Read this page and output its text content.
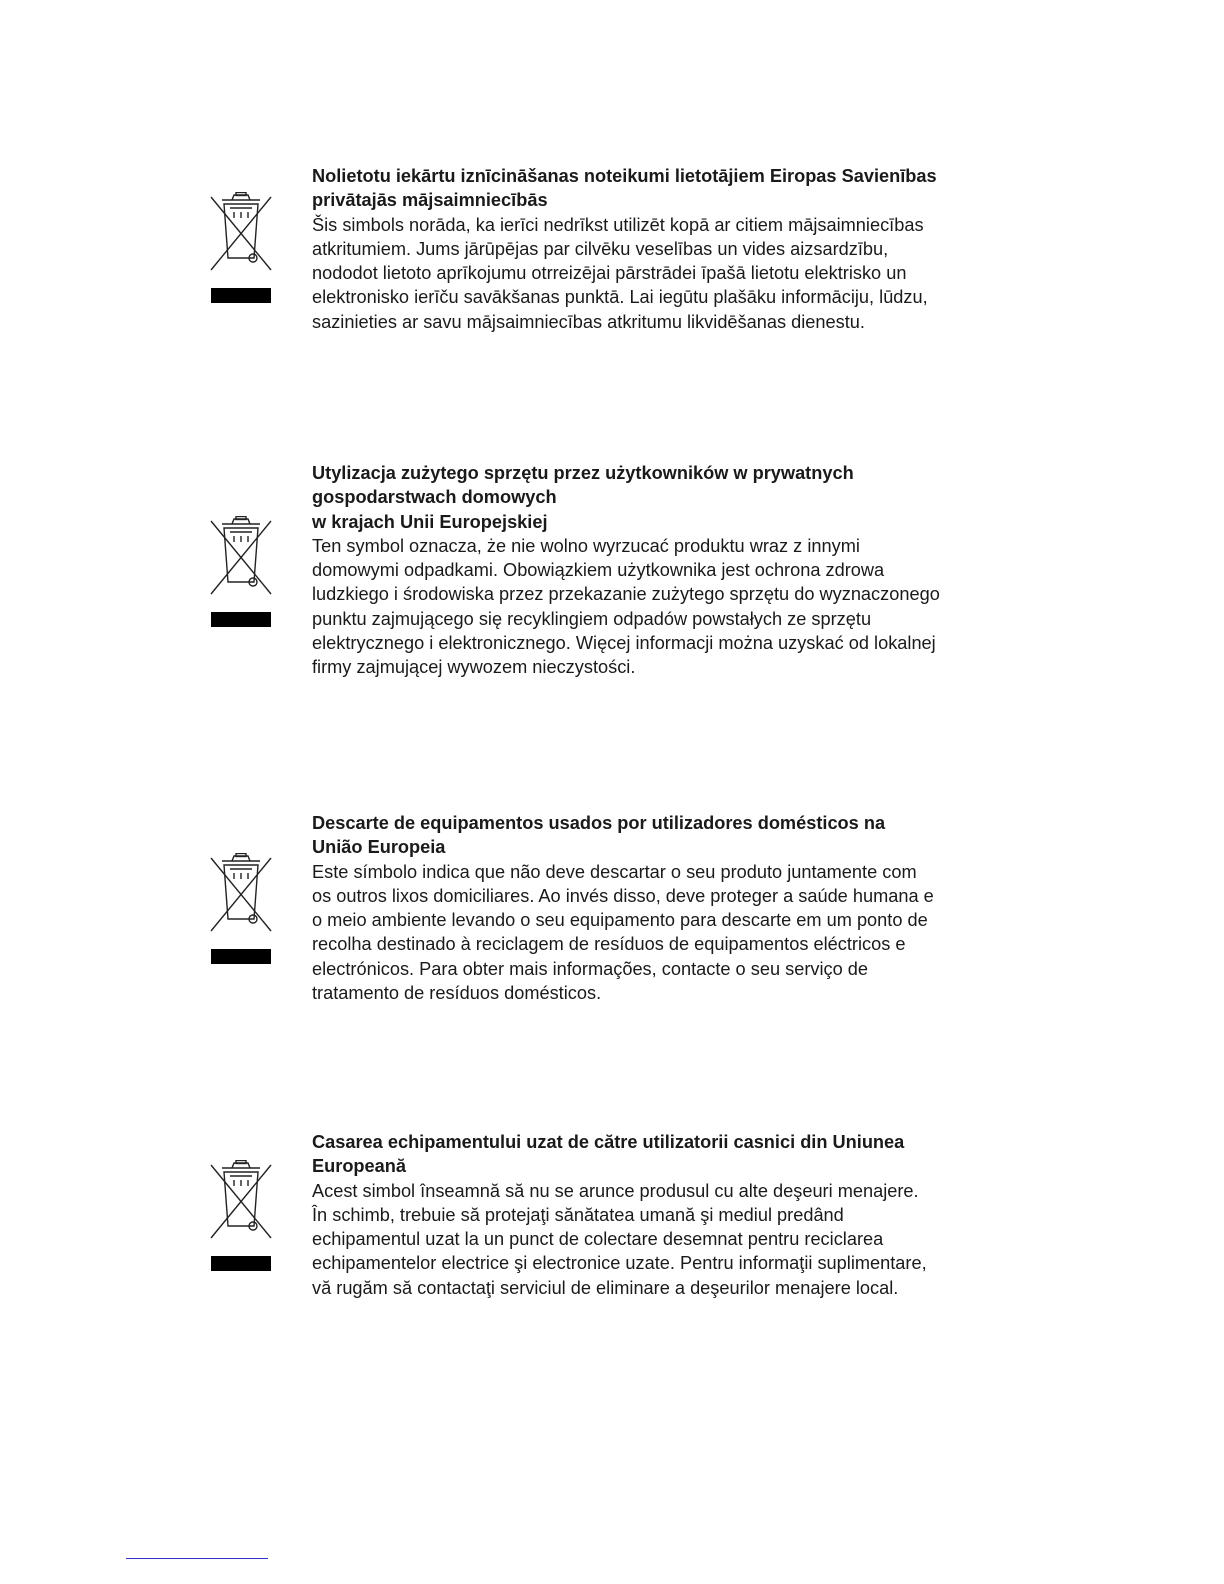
Nolietotu iekārtu iznīcināšanas noteikumi lietotājiem Eiropas Savienības
privātajās mājsaimniecībās

Šis simbols norāda, ka ierīci nedrīkst utilizēt kopā ar citiem mājsaimniecības
atkritumiem. Jums jārūpējas par cilvēku veselības un vides aizsardzību,
nododot lietoto aprīkojumu otrreizējai pārstrādei īpašā lietotu elektrisko un
elektronisko ierīču savākšanas punktā. Lai iegūtu plašāku informāciju, lūdzu,
sazinieties ar savu mājsaimniecības atkritumu likvidēšanas dienestu.

Utylizacja zużytego sprzętu przez użytkowników w prywatnych
gospodarstwach domowych
w krajach Unii Europejskiej

Ten symbol oznacza, że nie wolno wyrzucać produktu wraz z innymi
domowymi odpadkami. Obowiązkiem użytkownika jest ochrona zdrowa
ludzkiego i środowiska przez przekazanie zużytego sprzętu do wyznaczonego
punktu zajmującego się recyklingiem odpadów powstałych ze sprzętu
elektrycznego i elektronicznego. Więcej informacji można uzyskać od lokalnej
firmy zajmującej wywozem nieczystości.

Descarte de equipamentos usados por utilizadores domésticos na
União Europeia

Este símbolo indica que não deve descartar o seu produto juntamente com
os outros lixos domiciliares. Ao invés disso, deve proteger a saúde humana e
o meio ambiente levando o seu equipamento para descarte em um ponto de
recolha destinado à reciclagem de resíduos de equipamentos eléctricos e
electrónicos. Para obter mais informações, contacte o seu serviço de
tratamento de resíduos domésticos.

Casarea echipamentului uzat de către utilizatorii casnici din Uniunea
Europeană

Acest simbol înseamnă să nu se arunce produsul cu alte deşeuri menajere.
În schimb, trebuie să protejaţi sănătatea umană şi mediul predând
echipamentul uzat la un punct de colectare desemnat pentru reciclarea
echipamentelor electrice şi electronice uzate. Pentru informaţii suplimentare,
vă rugăm să contactaţi serviciul de eliminare a deşeurilor menajere local.
